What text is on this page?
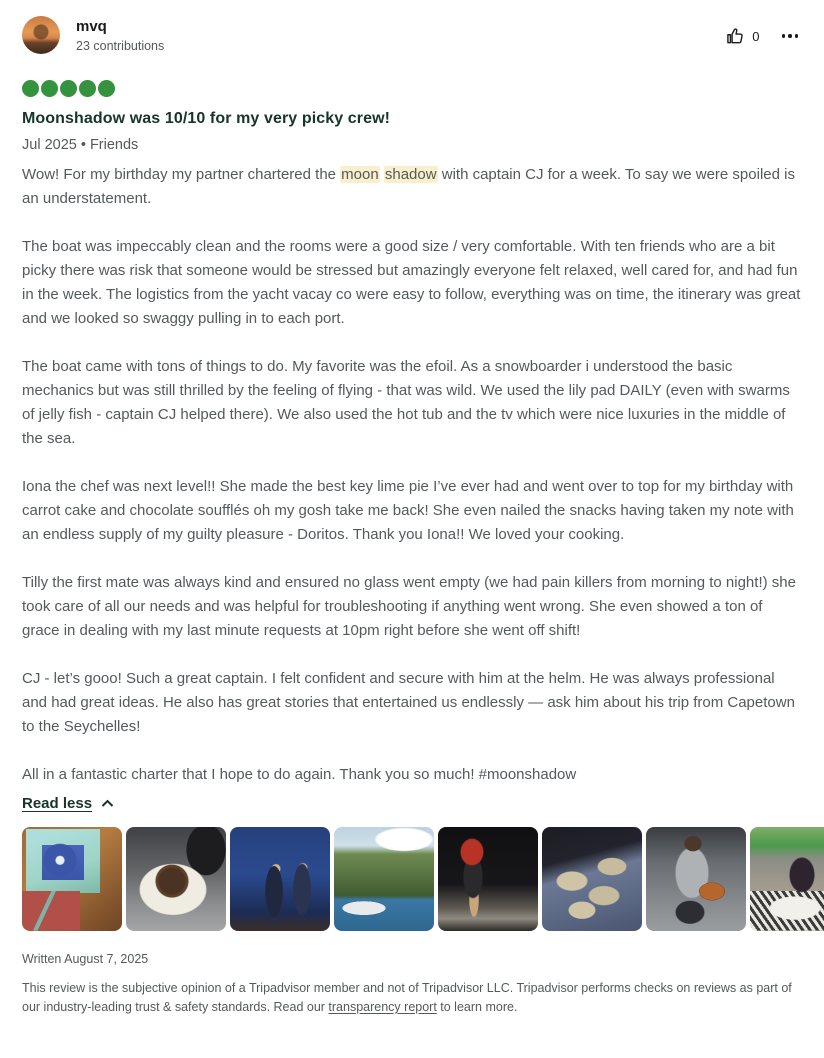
mvq
23 contributions
0
Moonshadow was 10/10 for my very picky crew!
Jul 2025 • Friends

Wow! For my birthday my partner chartered the moon shadow with captain CJ for a week. To say we were spoiled is an understatement.

The boat was impeccably clean and the rooms were a good size / very comfortable. With ten friends who are a bit picky there was risk that someone would be stressed but amazingly everyone felt relaxed, well cared for, and had fun in the week. The logistics from the yacht vacay co were easy to follow, everything was on time, the itinerary was great and we looked so swaggy pulling in to each port.

The boat came with tons of things to do. My favorite was the efoil. As a snowboarder i understood the basic mechanics but was still thrilled by the feeling of flying - that was wild. We used the lily pad DAILY (even with swarms of jelly fish - captain CJ helped there). We also used the hot tub and the tv which were nice luxuries in the middle of the sea.

Iona the chef was next level!! She made the best key lime pie I’ve ever had and went over to top for my birthday with carrot cake and chocolate soufflés oh my gosh take me back! She even nailed the snacks having taken my note with an endless supply of my guilty pleasure - Doritos. Thank you Iona!! We loved your cooking.

Tilly the first mate was always kind and ensured no glass went empty (we had pain killers from morning to night!) she took care of all our needs and was helpful for troubleshooting if anything went wrong. She even showed a ton of grace in dealing with my last minute requests at 10pm right before she went off shift!

CJ - let’s gooo! Such a great captain. I felt confident and secure with him at the helm. He was always professional and had great ideas. He also has great stories that entertained us endlessly — ask him about his trip from Capetown to the Seychelles!

All in a fantastic charter that I hope to do again. Thank you so much! #moonshadow

Read less
Written August 7, 2025
This review is the subjective opinion of a Tripadvisor member and not of Tripadvisor LLC. Tripadvisor performs checks on reviews as part of our industry-leading trust & safety standards. Read our transparency report to learn more.
